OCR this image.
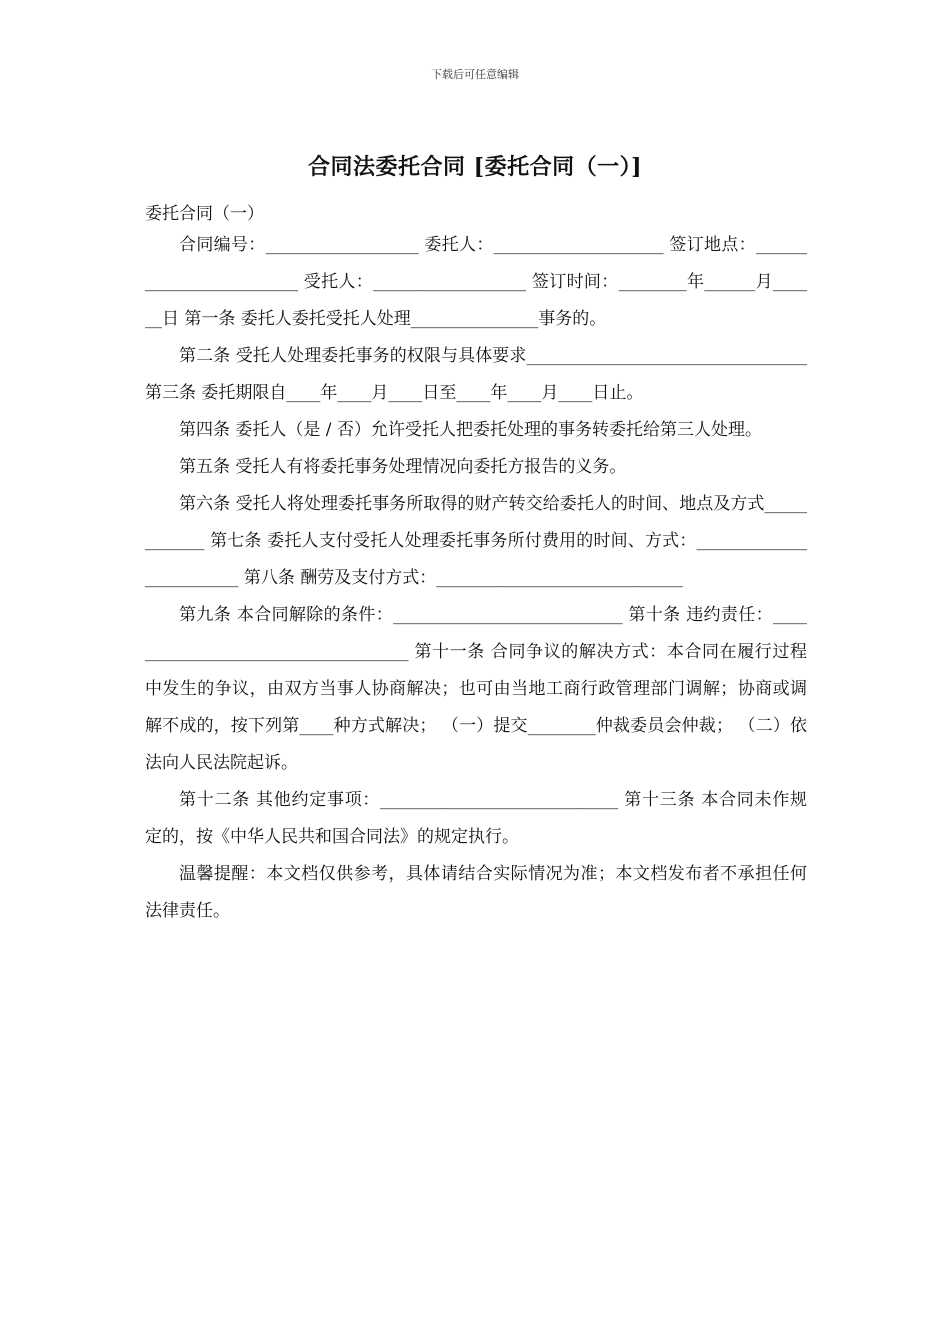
下载后可任意编辑
合同法委托合同 [委托合同（一）]
委托合同（一）

合同编号：__________________ 委托人：____________________ 签订地点：________________________ 受托人：__________________ 签订时间：________年______月______日 第一条 委托人委托受托人处理_______________事务的。

第二条 受托人处理委托事务的权限与具体要求_________________________________ 第三条 委托期限自____年____月____日至____年____月____日止。

第四条 委托人（是 / 否）允许受托人把委托处理的事务转委托给第三人处理。

第五条 受托人有将委托事务处理情况向委托方报告的义务。

第六条 受托人将处理委托事务所取得的财产转交给委托人的时间、地点及方式____________ 第七条 委托人支付受托人处理委托事务所付费用的时间、方式：________________________ 第八条 酬劳及支付方式：_____________________________

第九条 本合同解除的条件：___________________________ 第十条 违约责任：___________________________________ 第十一条 合同争议的解决方式：本合同在履行过程中发生的争议，由双方当事人协商解决；也可由当地工商行政管理部门调解；协商或调解不成的，按下列第____种方式解决； （一）提交________仲裁委员会仲裁； （二）依法向人民法院起诉。

第十二条 其他约定事项：____________________________ 第十三条 本合同未作规定的，按《中华人民共和国合同法》的规定执行。

温馨提醒：本文档仅供参考，具体请结合实际情况为准；本文档发布者不承担任何法律责任。
